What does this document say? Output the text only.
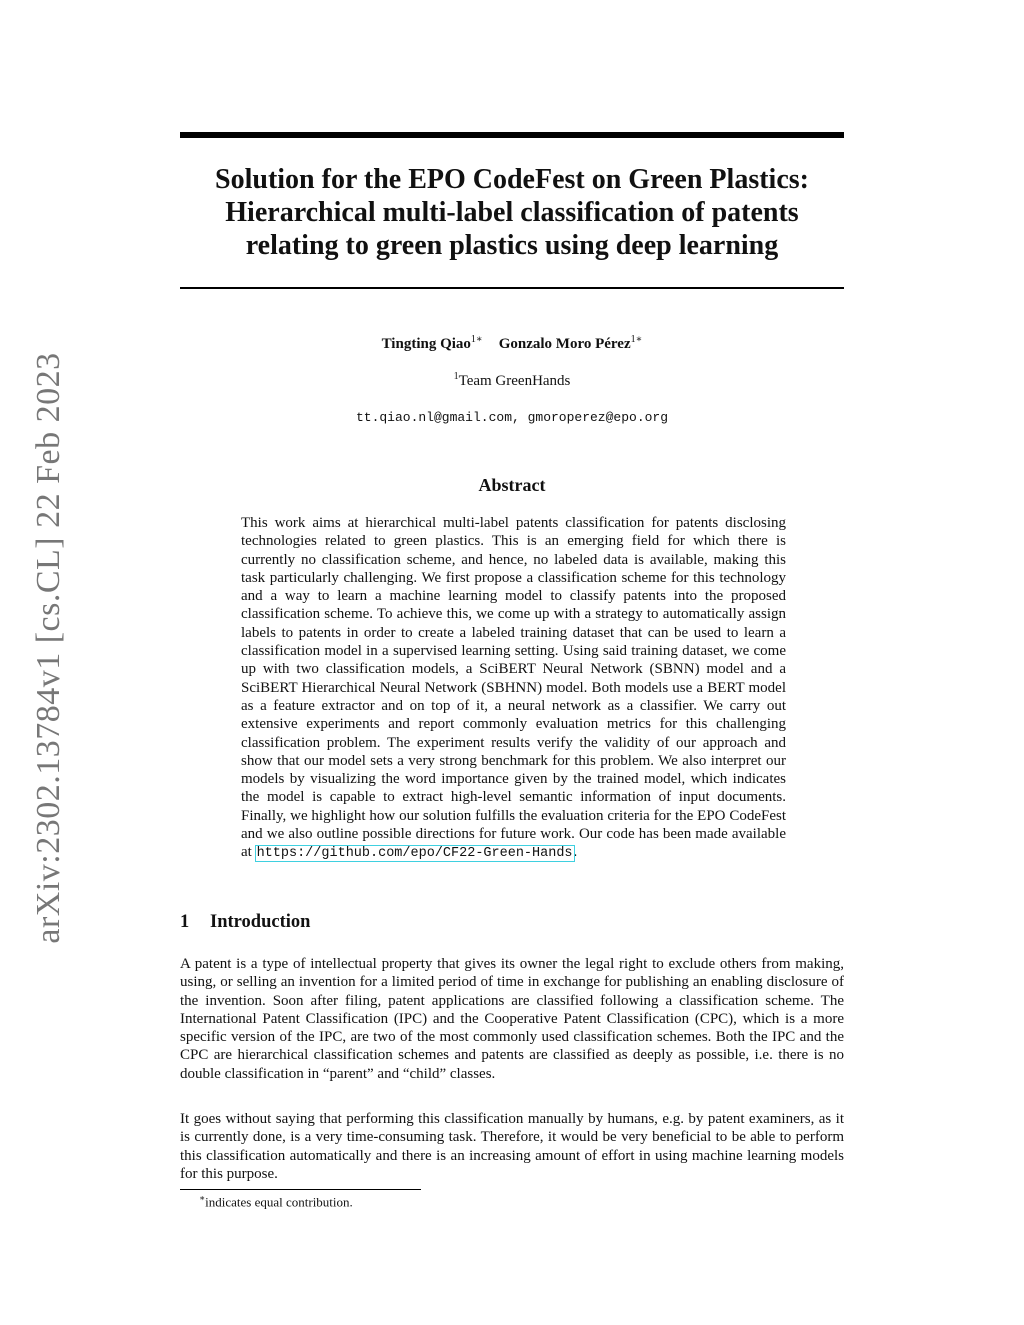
arXiv:2302.13784v1 [cs.CL] 22 Feb 2023
Solution for the EPO CodeFest on Green Plastics: Hierarchical multi-label classification of patents relating to green plastics using deep learning
Tingting Qiao$^{1∗}$ Gonzalo Moro Pérez$^{1∗}$
$^1$Team GreenHands
tt.qiao.nl@gmail.com, gmoroperez@epo.org
Abstract

This work aims at hierarchical multi-label patents classification for patents disclosing technologies related to green plastics. This is an emerging field for which there is currently no classification scheme, and hence, no labeled data is available, making this task particularly challenging. We first propose a classification scheme for this technology and a way to learn a machine learning model to classify patents into the proposed classification scheme. To achieve this, we come up with a strategy to automatically assign labels to patents in order to create a labeled training dataset that can be used to learn a classification model in a supervised learning setting. Using said training dataset, we come up with two classification models, a SciBERT Neural Network (SBNN) model and a SciBERT Hierarchical Neural Network (SBHNN) model. Both models use a BERT model as a feature extractor and on top of it, a neural network as a classifier. We carry out extensive experiments and report commonly evaluation metrics for this challenging classification problem. The experiment results verify the validity of our approach and show that our model sets a very strong benchmark for this problem. We also interpret our models by visualizing the word importance given by the trained model, which indicates the model is capable to extract high-level semantic information of input documents. Finally, we highlight how our solution fulfills the evaluation criteria for the EPO CodeFest and we also outline possible directions for future work. Our code has been made available at https://github.com/epo/CF22-Green-Hands.

1 Introduction

A patent is a type of intellectual property that gives its owner the legal right to exclude others from making, using, or selling an invention for a limited period of time in exchange for publishing an enabling disclosure of the invention. Soon after filing, patent applications are classified following a classification scheme. The International Patent Classification (IPC) and the Cooperative Patent Classification (CPC), which is a more specific version of the IPC, are two of the most commonly used classification schemes. Both the IPC and the CPC are hierarchical classification schemes and patents are classified as deeply as possible, i.e. there is no double classification in “parent” and “child” classes.

It goes without saying that performing this classification manually by humans, e.g. by patent examiners, as it is currently done, is a very time-consuming task. Therefore, it would be very beneficial to be able to perform this classification automatically and there is an increasing amount of effort in using machine learning models for this purpose.

∗indicates equal contribution.
